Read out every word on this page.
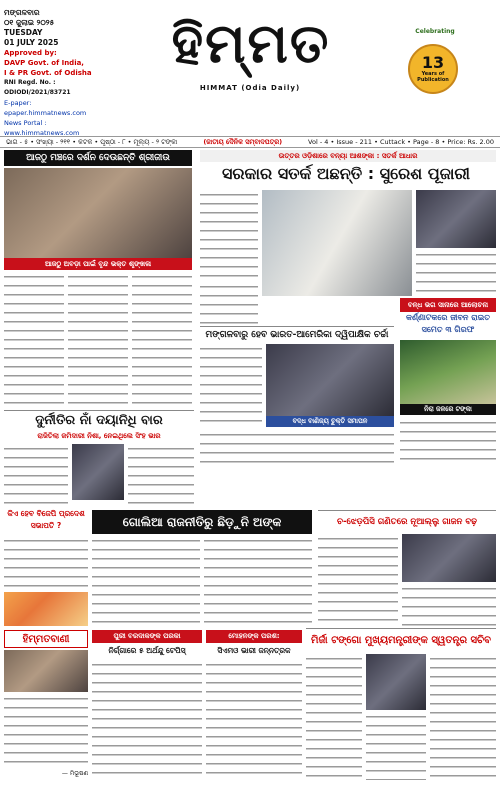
ମଙ୍ଗଳବାର
୦୧ ଜୁଲାଇ ୨୦୨୫
TUESDAY
01 JULY 2025
Approved by:
DAVP Govt. of India,
I & PR Govt. of Odisha
RNI Regd. No. : ODIODI/2021/83721
E-paper: epaper.himmatnews.com
News Portal : www.himmatnews.com
ହିମ୍ମତ
HIMMAT (Odia Daily)
Celebrating
13
Years of Publication
ଭାଗ - ୫ • ସଂଖ୍ୟା - ୨୧୧ • କଟକ • ପୃଷ୍ଠା - ୮ • ମୂଲ୍ୟ - ୨ ଟଙ୍କା	(ଜାତୀୟ ଦୈନିକ ସମ୍ବାଦପତ୍ର)	Vol - 4 • Issue - 211 • Cuttack • Page - 8 • Price: Rs. 2.00
ଆଜଠୁ ମଞ୍ଚରେ ଦର୍ଶନ ଦେଉଛନ୍ତି ଶ୍ରୀଜୀଉ
ଆଜଠୁ ଅବଡ଼ା ପାଇଁ ବୃନ୍ଦ ଭକ୍ତ ଶୃଙ୍ଖଳା
ଉତ୍ତର ଓଡ଼ିଶାରେ ବନ୍ୟା ଆଶଙ୍କା : ସତର୍କ ଆଧାର
ସରକାର ସତର୍କ ଅଛନ୍ତି : ସୁରେଶ ପୂଜାରୀ
ମଙ୍ଗଳବାରୁ ହେବ ଭାରତ-ଆମେରିକା ଦ୍ୱିପାକ୍ଷିକ ଚର୍ଚ୍ଚା
ବଦ୍ଧ ବାଣିଜ୍ୟ ଚୁକ୍ତି ସମାପନ
ବନ୍ଧ ଭଗ ସାନାରେ ଆଲୋଚନା
କର୍ଣ୍ଣାଟକରେ ଜୀବନ ରାଇତ ସମେତ ୩ ଗିରଫ
ନିରା ଜଳରେ ଟଙ୍କା
ଦୁର୍ନୀତିର ନାଁ ଦୟାନିଧି ବାର
ରାଜିତିଲା ଜମିଦାରୀ ନିଶା, ନେଇଥିଲେ ସିଂହ ଭାର
କିଏ ହେବ ବିଜେପି ପ୍ରଦେଶ ସଭାପତି ?	ଗୋଲିଆ ରାଜନୀତିରୁ ଛିଡ଼ୁନି ଅଙ୍କ	ଚ-ଝେଡ଼ପିସି ଗଣିତରେ ନୂଆଲ୍ଲୁ ଗାଜନ ବଢ଼
ହିମ୍ମତବାଣୀ
— ମିଭୂଷଣ
ପୁରୀ ବରଦାକଙ୍କ ପରକା
ନିର୍ଗ୍ଗାରେ ୫ ଅର୍ଥନ୍ଦୁ ଟେପିସ୍
ମୋହନଙ୍କ ପରଶ:
ସିଏମଓ ଭାରୀ ଜନ୍ନତ୍ରକ
ମିର୍ଜା ଟଙ୍ଗୋ ମୁଖ୍ୟମନ୍ତ୍ରୀଙ୍କ ସ୍ୱତନ୍ତ୍ର ସଚିବ
